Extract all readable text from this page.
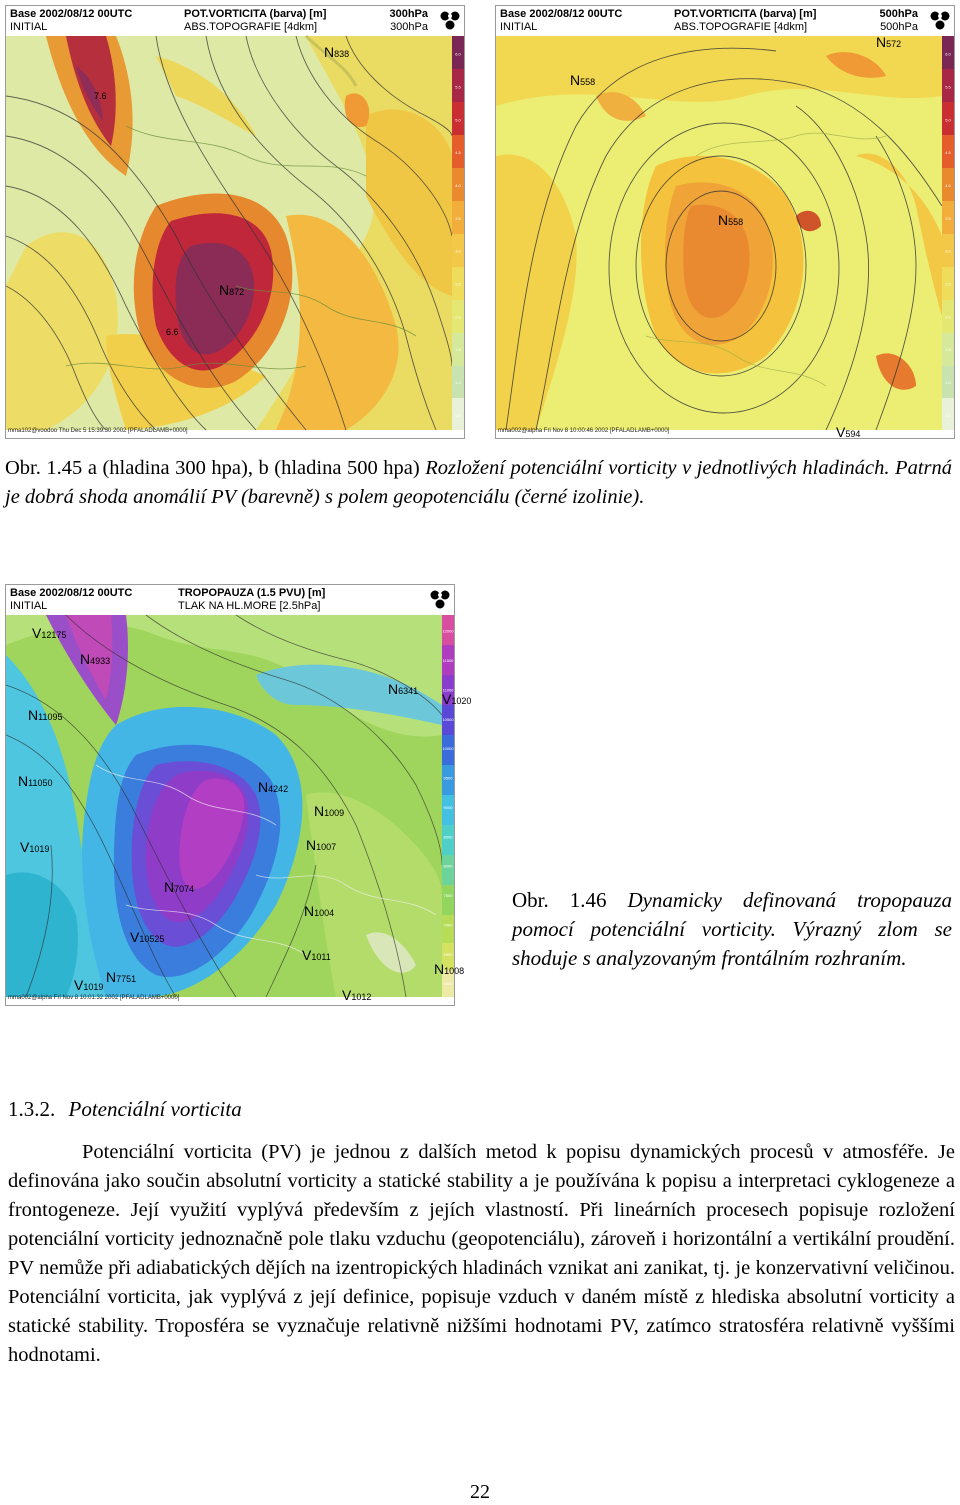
Base 2002/08/12 00UTC
INITIAL
POT.VORTICITA (barva) [m]
ABS.TOPOGRAFIE [4dkm]
300hPa
300hPa
6.0
5.5
5.0
4.5
4.0
3.5
3.0
2.5
2.0
1.5
1.0
0.5
N838
N872
7.6
6.6
mma102@voodoo Thu Dec 5 15:39:30 2002 [PFALADLAMB+0000]
Base 2002/08/12 00UTC
INITIAL
POT.VORTICITA (barva) [m]
ABS.TOPOGRAFIE [4dkm]
500hPa
500hPa
6.0
5.5
5.0
4.5
4.0
3.5
3.0
2.5
2.0
1.5
1.0
0.5
N572
N558
N558
V594
mma002@alpha Fri Nov 8 10:00:46 2002 [PFALADLAMB+0000]
Obr. 1.45 a (hladina 300 hpa), b (hladina 500 hpa) Rozložení potenciální vorticity v jednotlivých hladinách. Patrná je dobrá shoda anomálií PV (barevně) s polem geopotenciálu (černé izolinie).
Base 2002/08/12 00UTC
INITIAL
TROPOPAUZA (1.5 PVU) [m]
TLAK NA HL.MORE [2.5hPa]
12000
11500
11000
10500
10000
9500
9000
8500
8000
7500
7000
6500
6000
V12175
N4933
N11095
N6341 V1020
N11050	N4242
N1009
N1007
V1019
N7074
N1004
V10525
V1011
V1019
N7751
V1012
N1008
mma002@alpha Fri Nov 8 10:01:32 2002 [PFALADLAMB+0000]
Obr. 1.46 Dynamicky definovaná tropopauza pomocí potenciální vorticity. Výrazný zlom se shoduje s analyzovaným frontálním rozhraním.
1.3.2. Potenciální vorticita

Potenciální vorticita (PV) je jednou z dalších metod k popisu dynamických procesů v atmosféře. Je definována jako součin absolutní vorticity a statické stability a je používána k popisu a interpretaci cyklogeneze a frontogeneze. Její využití vyplývá především z jejích vlastností. Při lineárních procesech popisuje rozložení potenciální vorticity jednoznačně pole tlaku vzduchu (geopotenciálu), zároveň i horizontální a vertikální proudění. PV nemůže při adiabatických dějích na izentropických hladinách vznikat ani zanikat, tj. je konzervativní veličinou. Potenciální vorticita, jak vyplývá z její definice, popisuje vzduch v daném místě z hlediska absolutní vorticity a statické stability. Troposféra se vyznačuje relativně nižšími hodnotami PV, zatímco stratosféra relativně vyššími hodnotami.

22
